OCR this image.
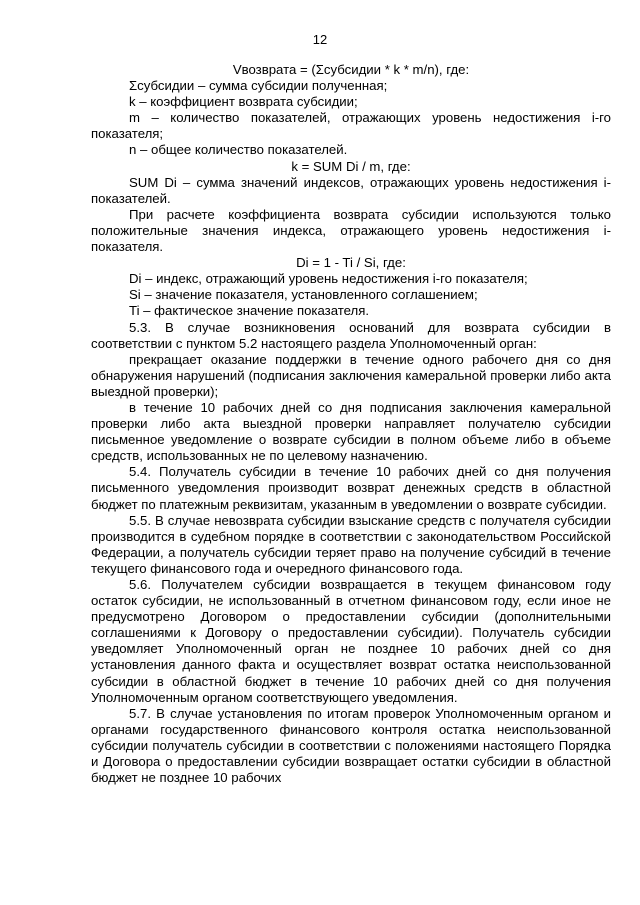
12

Vвозврата = (Σсубсидии * k * m/n), где:

Σсубсидии – сумма субсидии полученная;

k – коэффициент возврата субсидии;

m – количество показателей, отражающих уровень недостижения i-го показателя;

n – общее количество показателей.

k = SUM Di / m, где:

SUM Di – сумма значений индексов, отражающих уровень недостижения i-показателей.

При расчете коэффициента возврата субсидии используются только положительные значения индекса, отражающего уровень недостижения i-показателя.

Di = 1 - Ti / Si, где:

Di – индекс, отражающий уровень недостижения i-го показателя;

Si – значение показателя, установленного соглашением;

Ti – фактическое значение показателя.

5.3. В случае возникновения оснований для возврата субсидии в соответствии с пунктом 5.2 настоящего раздела Уполномоченный орган:

прекращает оказание поддержки в течение одного рабочего дня со дня обнаружения нарушений (подписания заключения камеральной проверки либо акта выездной проверки);

в течение 10 рабочих дней со дня подписания заключения камеральной проверки либо акта выездной проверки направляет получателю субсидии письменное уведомление о возврате субсидии в полном объеме либо в объеме средств, использованных не по целевому назначению.

5.4. Получатель субсидии в течение 10 рабочих дней со дня получения письменного уведомления производит возврат денежных средств в областной бюджет по платежным реквизитам, указанным в уведомлении о возврате субсидии.

5.5. В случае невозврата субсидии взыскание средств с получателя субсидии производится в судебном порядке в соответствии с законодательством Российской Федерации, а получатель субсидии теряет право на получение субсидий в течение текущего финансового года и очередного финансового года.

5.6. Получателем субсидии возвращается в текущем финансовом году остаток субсидии, не использованный в отчетном финансовом году, если иное не предусмотрено Договором о предоставлении субсидии (дополнительными соглашениями к Договору о предоставлении субсидии). Получатель субсидии уведомляет Уполномоченный орган не позднее 10 рабочих дней со дня установления данного факта и осуществляет возврат остатка неиспользованной субсидии в областной бюджет в течение 10 рабочих дней со дня получения Уполномоченным органом соответствующего уведомления.

5.7. В случае установления по итогам проверок Уполномоченным органом и органами государственного финансового контроля остатка неиспользованной субсидии получатель субсидии в соответствии с положениями настоящего Порядка и Договора о предоставлении субсидии возвращает остатки субсидии в областной бюджет не позднее 10 рабочих
